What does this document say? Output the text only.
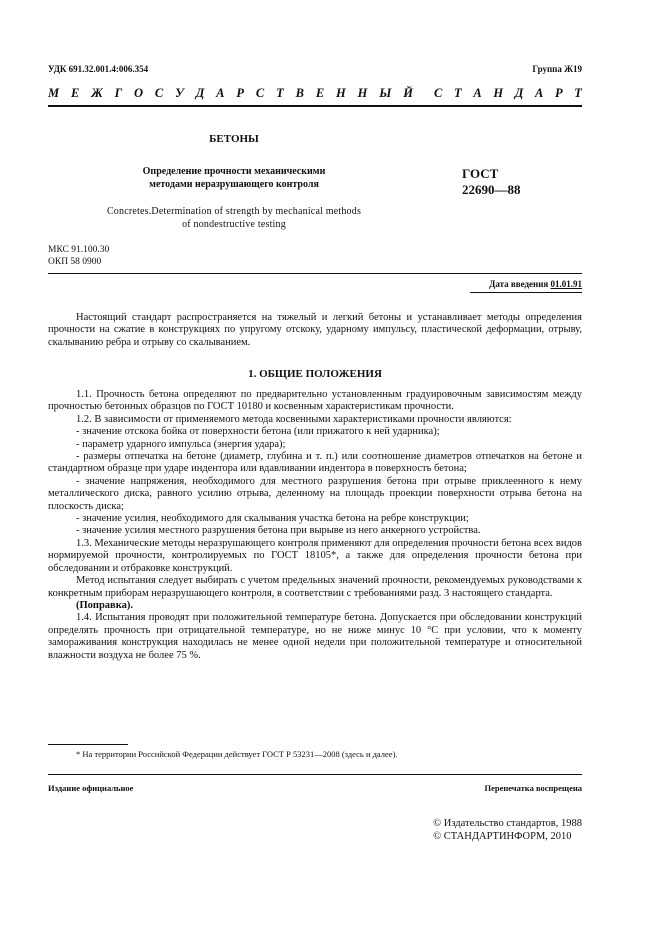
УДК 691.32.001.4:006.354	Группа Ж19
М Е Ж Г О С У Д А Р С Т В Е Н Н Ы Й С Т А Н Д А Р Т
БЕТОНЫ
Определение прочности механическими
методами неразрушающего контроля
ГОСТ
22690—88
Concretes.Determination of strength by mechanical methods
of nondestructive testing
МКС 91.100.30
ОКП 58 0900
Дата введения 01.01.91

Настоящий стандарт распространяется на тяжелый и легкий бетоны и устанавливает методы определения прочности на сжатие в конструкциях по упругому отскоку, ударному импульсу, пластической деформации, отрыву, скалыванию ребра и отрыву со скалыванием.

1. ОБЩИЕ ПОЛОЖЕНИЯ

1.1. Прочность бетона определяют по предварительно установленным градуировочным зависимостям между прочностью бетонных образцов по ГОСТ 10180 и косвенным характеристикам прочности.

1.2. В зависимости от применяемого метода косвенными характеристиками прочности являются:

- значение отскока бойка от поверхности бетона (или прижатого к ней ударника);

- параметр ударного импульса (энергия удара);

- размеры отпечатка на бетоне (диаметр, глубина и т. п.) или соотношение диаметров отпечатков на бетоне и стандартном образце при ударе индентора или вдавливании индентора в поверхность бетона;

- значение напряжения, необходимого для местного разрушения бетона при отрыве приклеенного к нему металлического диска, равного усилию отрыва, деленному на площадь проекции поверхности отрыва бетона на плоскость диска;

- значение усилия, необходимого для скалывания участка бетона на ребре конструкции;

- значение усилия местного разрушения бетона при вырыве из него анкерного устройства.

1.3. Механические методы неразрушающего контроля применяют для определения прочности бетона всех видов нормируемой прочности, контролируемых по ГОСТ 18105*, а также для определения прочности бетона при обследовании и отбраковке конструкций.

Метод испытания следует выбирать с учетом предельных значений прочности, рекомендуемых руководствами к конкретным приборам неразрушающего контроля, в соответствии с требованиями разд. 3 настоящего стандарта.

(Поправка).

1.4. Испытания проводят при положительной температуре бетона. Допускается при обследовании конструкций определять прочность при отрицательной температуре, но не ниже минус 10 °С при условии, что к моменту замораживания конструкция находилась не менее одной недели при положительной температуре и относительной влажности воздуха не более 75 %.

* На территории Российской Федерации действует ГОСТ Р 53231—2008 (здесь и далее).
Издание официальное	Перепечатка воспрещена
© Издательство стандартов, 1988
© СТАНДАРТИНФОРМ, 2010
